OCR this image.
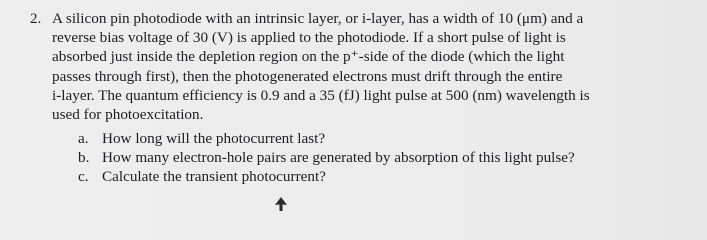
2. A silicon pin photodiode with an intrinsic layer, or i-layer, has a width of 10 (μm) and a
reverse bias voltage of 30 (V) is applied to the photodiode. If a short pulse of light is
absorbed just inside the depletion region on the p⁺-side of the diode (which the light
passes through first), then the photogenerated electrons must drift through the entire
i-layer. The quantum efficiency is 0.9 and a 35 (fJ) light pulse at 500 (nm) wavelength is
used for photoexcitation.
a. How long will the photocurrent last?
b. How many electron-hole pairs are generated by absorption of this light pulse?
c. Calculate the transient photocurrent?
